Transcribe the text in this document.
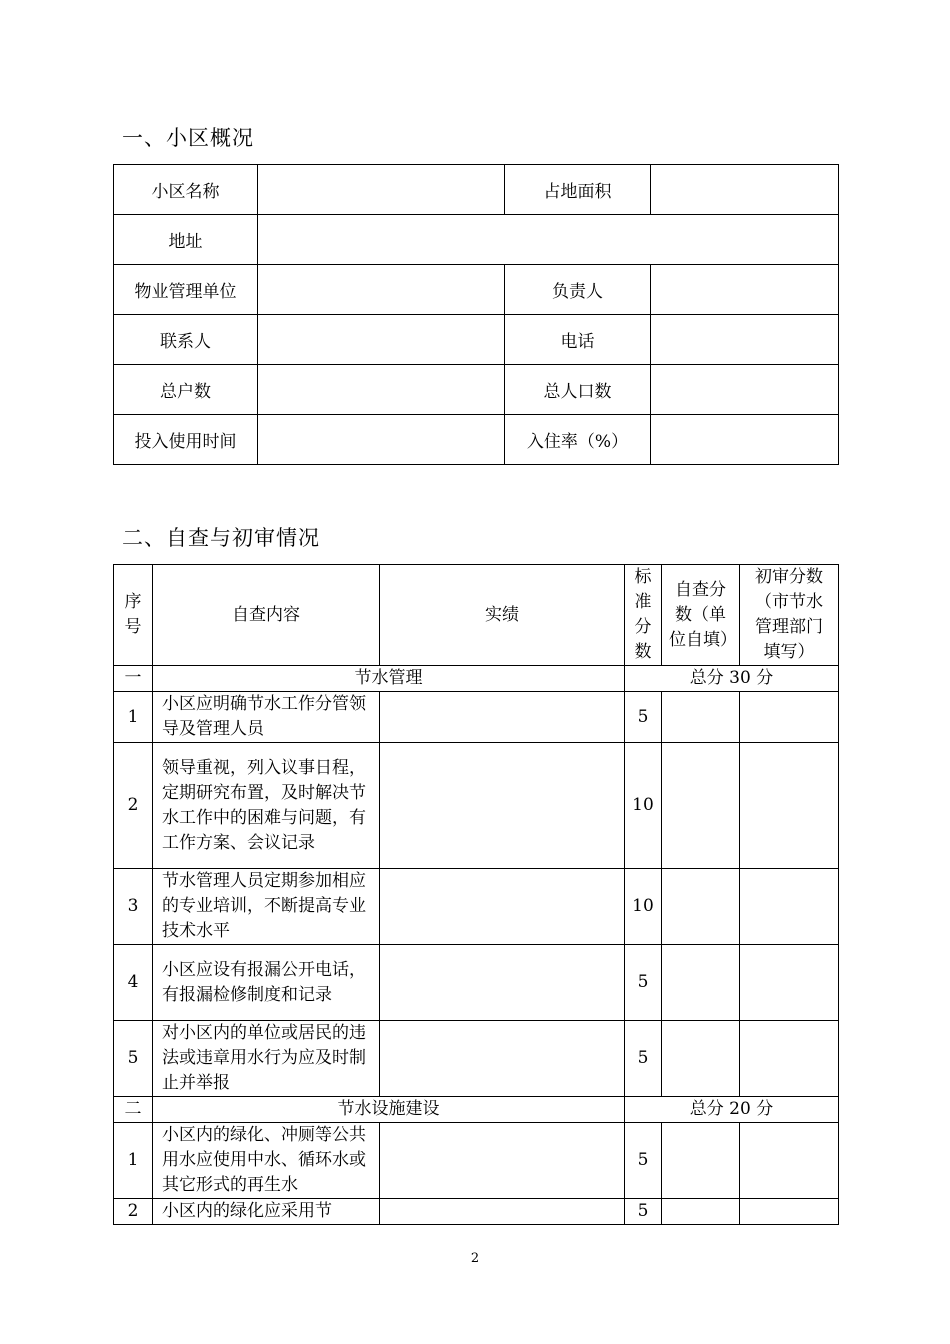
一、小区概况
小区名称		占地面积	
地址			
物业管理单位		负责人	
联系人		电话	
总户数		总人口数	
投入使用时间		入住率（%）	
二、自查与初审情况
序号	自查内容	实绩	标准分数	自查分数（单位自填）	初审分数（市节水管理部门填写）
一	节水管理		总分 30 分		
1	小区应明确节水工作分管领导及管理人员		5		
2	领导重视，列入议事日程，定期研究布置，及时解决节水工作中的困难与问题，有工作方案、会议记录		10		
3	节水管理人员定期参加相应的专业培训，不断提高专业技术水平		10		
4	小区应设有报漏公开电话，有报漏检修制度和记录		5		
5	对小区内的单位或居民的违法或违章用水行为应及时制止并举报		5		
二	节水设施建设		总分 20 分		
1	小区内的绿化、冲厕等公共用水应使用中水、循环水或其它形式的再生水		5		
2	小区内的绿化应采用节		5		
2
